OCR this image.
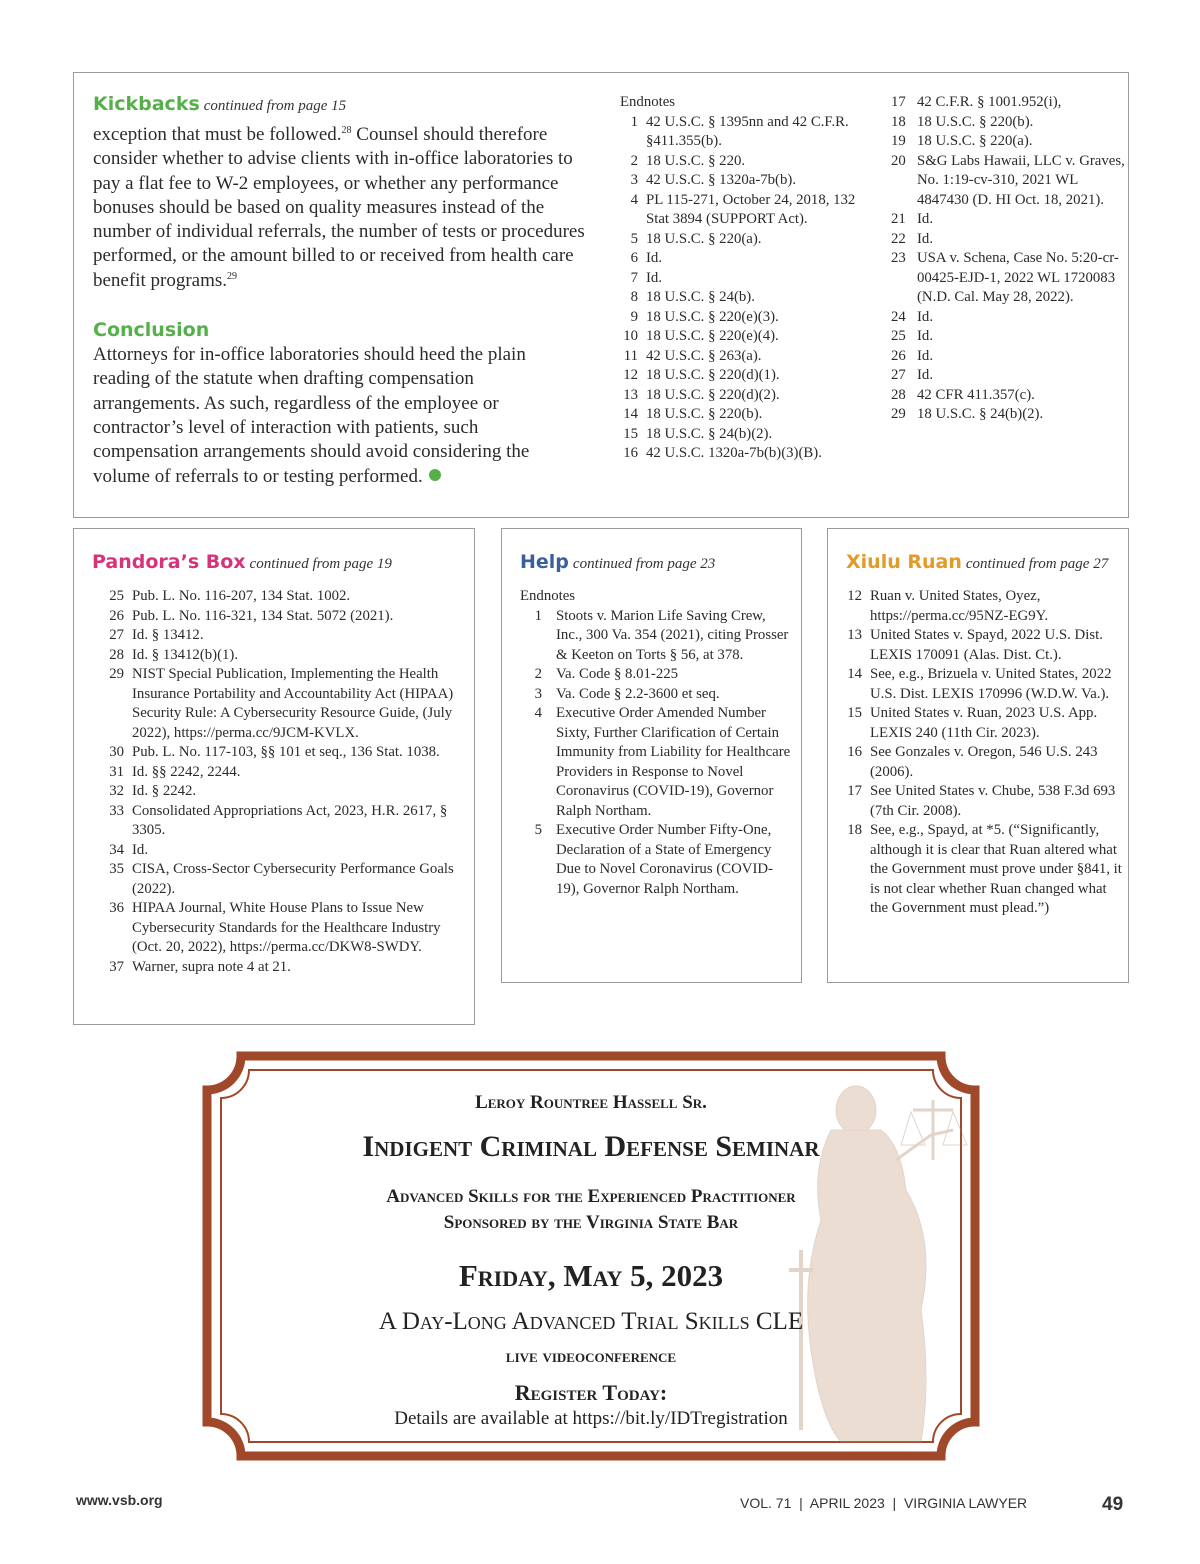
Kickbacks continued from page 15

exception that must be followed.$^{28}$ Counsel should therefore consider whether to advise clients with in-office laboratories to pay a flat fee to W-2 employees, or whether any performance bonuses should be based on quality measures instead of the number of individual referrals, the number of tests or procedures performed, or the amount billed to or received from health care benefit programs.$^{29}$

Conclusion

Attorneys for in-office laboratories should heed the plain reading of the statute when drafting compensation arrangements. As such, regardless of the employee or contractor’s level of interaction with patients, such compensation arrangements should avoid considering the volume of referrals to or testing performed.

Endnotes
1 42 U.S.C. § 1395nn and 42 C.F.R. §411.355(b).
2 18 U.S.C. § 220.
3 42 U.S.C. § 1320a-7b(b).
4 PL 115-271, October 24, 2018, 132 Stat 3894 (SUPPORT Act).
5 18 U.S.C. § 220(a).
6 Id.
7 Id.
8 18 U.S.C. § 24(b).
9 18 U.S.C. § 220(e)(3).
10 18 U.S.C. § 220(e)(4).
11 42 U.S.C. § 263(a).
12 18 U.S.C. § 220(d)(1).
13 18 U.S.C. § 220(d)(2).
14 18 U.S.C. § 220(b).
15 18 U.S.C. § 24(b)(2).
16 42 U.S.C. 1320a-7b(b)(3)(B).
17 42 C.F.R. § 1001.952(i),
18 18 U.S.C. § 220(b).
19 18 U.S.C. § 220(a).
20 S&G Labs Hawaii, LLC v. Graves, No. 1:19-cv-310, 2021 WL 4847430 (D. HI Oct. 18, 2021).
21 Id.
22 Id.
23 USA v. Schena, Case No. 5:20-cr-00425-EJD-1, 2022 WL 1720083 (N.D. Cal. May 28, 2022).
24 Id.
25 Id.
26 Id.
27 Id.
28 42 CFR 411.357(c).
29 18 U.S.C. § 24(b)(2).
Pandora’s Box continued from page 19
25 Pub. L. No. 116-207, 134 Stat. 1002.
26 Pub. L. No. 116-321, 134 Stat. 5072 (2021).
27 Id. § 13412.
28 Id. § 13412(b)(1).
29 NIST Special Publication, Implementing the Health Insurance Portability and Accountability Act (HIPAA) Security Rule: A Cybersecurity Resource Guide, (July 2022), https://perma.cc/9JCM-KVLX.
30 Pub. L. No. 117-103, §§ 101 et seq., 136 Stat. 1038.
31 Id. §§ 2242, 2244.
32 Id. § 2242.
33 Consolidated Appropriations Act, 2023, H.R. 2617, § 3305.
34 Id.
35 CISA, Cross-Sector Cybersecurity Performance Goals (2022).
36 HIPAA Journal, White House Plans to Issue New Cybersecurity Standards for the Healthcare Industry (Oct. 20, 2022), https://perma.cc/DKW8-SWDY.
37 Warner, supra note 4 at 21.
Help continued from page 23
Endnotes
1 Stoots v. Marion Life Saving Crew, Inc., 300 Va. 354 (2021), citing Prosser & Keeton on Torts § 56, at 378.
2 Va. Code § 8.01-225
3 Va. Code § 2.2-3600 et seq.
4 Executive Order Amended Number Sixty, Further Clarification of Certain Immunity from Liability for Healthcare Providers in Response to Novel Coronavirus (COVID-19), Governor Ralph Northam.
5 Executive Order Number Fifty-One, Declaration of a State of Emergency Due to Novel Coronavirus (COVID-19), Governor Ralph Northam.
Xiulu Ruan continued from page 27
12 Ruan v. United States, Oyez, https://perma.cc/95NZ-EG9Y.
13 United States v. Spayd, 2022 U.S. Dist. LEXIS 170091 (Alas. Dist. Ct.).
14 See, e.g., Brizuela v. United States, 2022 U.S. Dist. LEXIS 170996 (W.D.W. Va.).
15 United States v. Ruan, 2023 U.S. App. LEXIS 240 (11th Cir. 2023).
16 See Gonzales v. Oregon, 546 U.S. 243 (2006).
17 See United States v. Chube, 538 F.3d 693 (7th Cir. 2008).
18 See, e.g., Spayd, at *5. (“Significantly, although it is clear that Ruan altered what the Government must prove under §841, it is not clear whether Ruan changed what the Government must plead.”)
Leroy Rountree Hassell Sr.
Indigent Criminal Defense Seminar
Advanced Skills for the Experienced Practitioner
Sponsored by the Virginia State Bar
Friday, May 5, 2023
A Day-Long Advanced Trial Skills CLE
live videoconference
Register Today:
Details are available at https://bit.ly/IDTregistration
www.vsb.org	VOL. 71  |  APRIL 2023  |  VIRGINIA LAWYER	49
